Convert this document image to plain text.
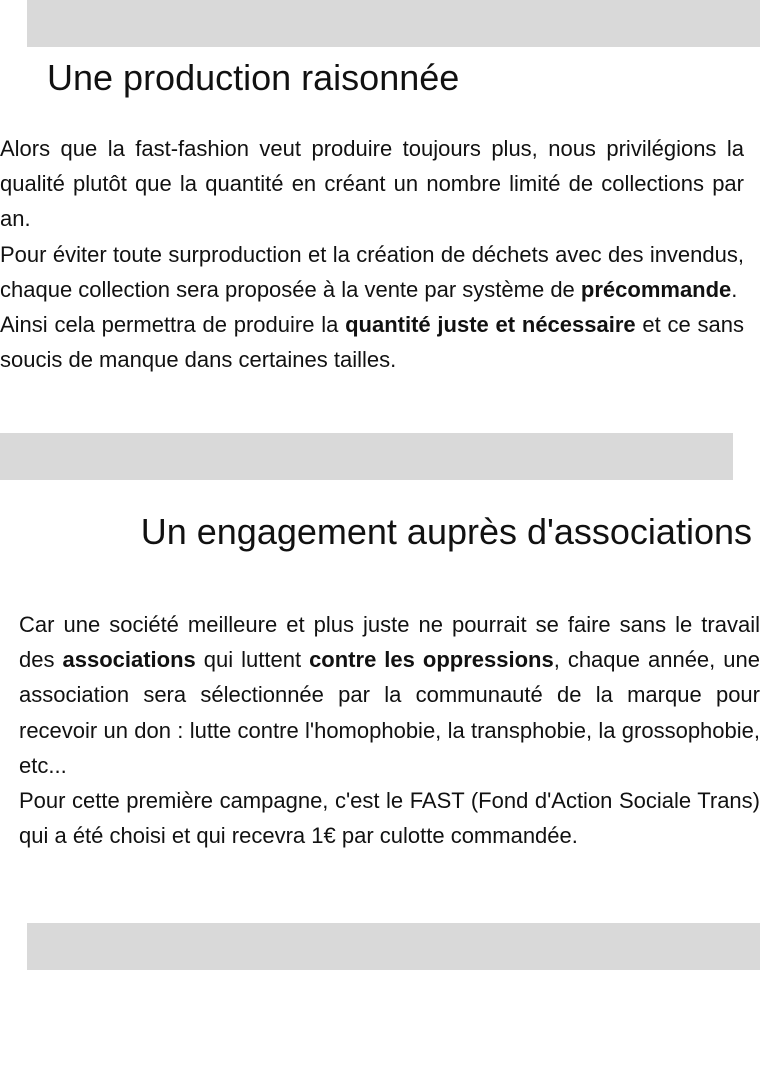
Une production raisonnée
Alors que la fast-fashion veut produire toujours plus, nous privilégions la qualité plutôt que la quantité en créant un nombre limité de collections par an.
Pour éviter toute surproduction et la création de déchets avec des invendus, chaque collection sera proposée à la vente par système de précommande.
Ainsi cela permettra de produire la quantité juste et nécessaire et ce sans soucis de manque dans certaines tailles.
Un engagement auprès d'associations
Car une société meilleure et plus juste ne pourrait se faire sans le travail des associations qui luttent contre les oppressions, chaque année, une association sera sélectionnée par la communauté de la marque pour recevoir un don : lutte contre l'homophobie, la transphobie, la grossophobie, etc...
Pour cette première campagne, c'est le FAST (Fond d'Action Sociale Trans) qui a été choisi et qui recevra 1€ par culotte commandée.
